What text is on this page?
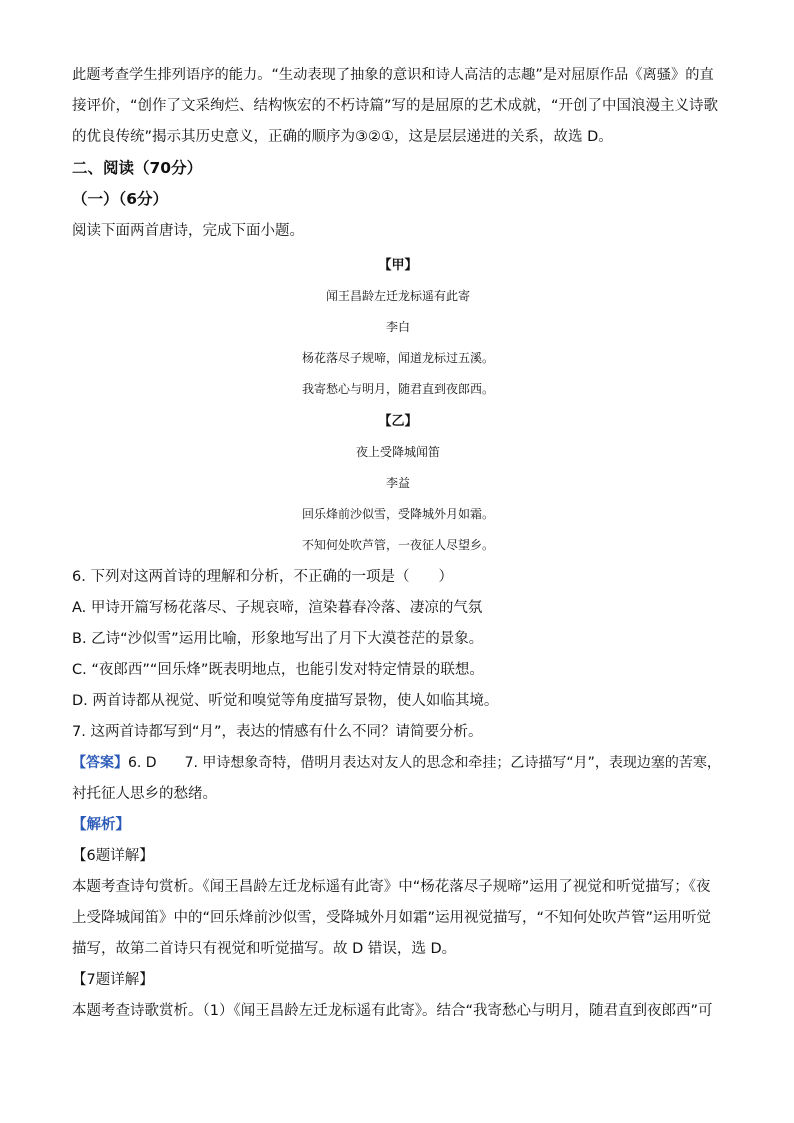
此题考查学生排列语序的能力。“生动表现了抽象的意识和诗人高洁的志趣”是对屈原作品《离骚》的直

接评价，“创作了文采绚烂、结构恢宏的不朽诗篇”写的是屈原的艺术成就，“开创了中国浪漫主义诗歌

的优良传统”揭示其历史意义，正确的顺序为③②①，这是层层递进的关系，故选 D。

二、阅读（70分）

（一）（6分）

阅读下面两首唐诗，完成下面小题。

【甲】

闻王昌龄左迁龙标遥有此寄

李白

杨花落尽子规啼，闻道龙标过五溪。

我寄愁心与明月，随君直到夜郎西。

【乙】

夜上受降城闻笛

李益

回乐烽前沙似雪，受降城外月如霜。

不知何处吹芦管，一夜征人尽望乡。

6. 下列对这两首诗的理解和分析，不正确的一项是（　　）

A. 甲诗开篇写杨花落尽、子规哀啼，渲染暮春冷落、凄凉的气氛

B. 乙诗“沙似雪”运用比喻，形象地写出了月下大漠苍茫的景象。

C. “夜郎西”“回乐烽”既表明地点，也能引发对特定情景的联想。

D. 两首诗都从视觉、听觉和嗅觉等角度描写景物，使人如临其境。

7. 这两首诗都写到“月”，表达的情感有什么不同？请简要分析。

【答案】6. D　　7. 甲诗想象奇特，借明月表达对友人的思念和牵挂；乙诗描写“月”，表现边塞的苦寒，

衬托征人思乡的愁绪。

【解析】

【6题详解】

本题考查诗句赏析。《闻王昌龄左迁龙标遥有此寄》中“杨花落尽子规啼”运用了视觉和听觉描写；《夜

上受降城闻笛》中的“回乐烽前沙似雪，受降城外月如霜”运用视觉描写，“不知何处吹芦管”运用听觉

描写，故第二首诗只有视觉和听觉描写。故 D 错误，选 D。

【7题详解】

本题考查诗歌赏析。（1）《闻王昌龄左迁龙标遥有此寄》。结合“我寄愁心与明月，随君直到夜郎西”可
